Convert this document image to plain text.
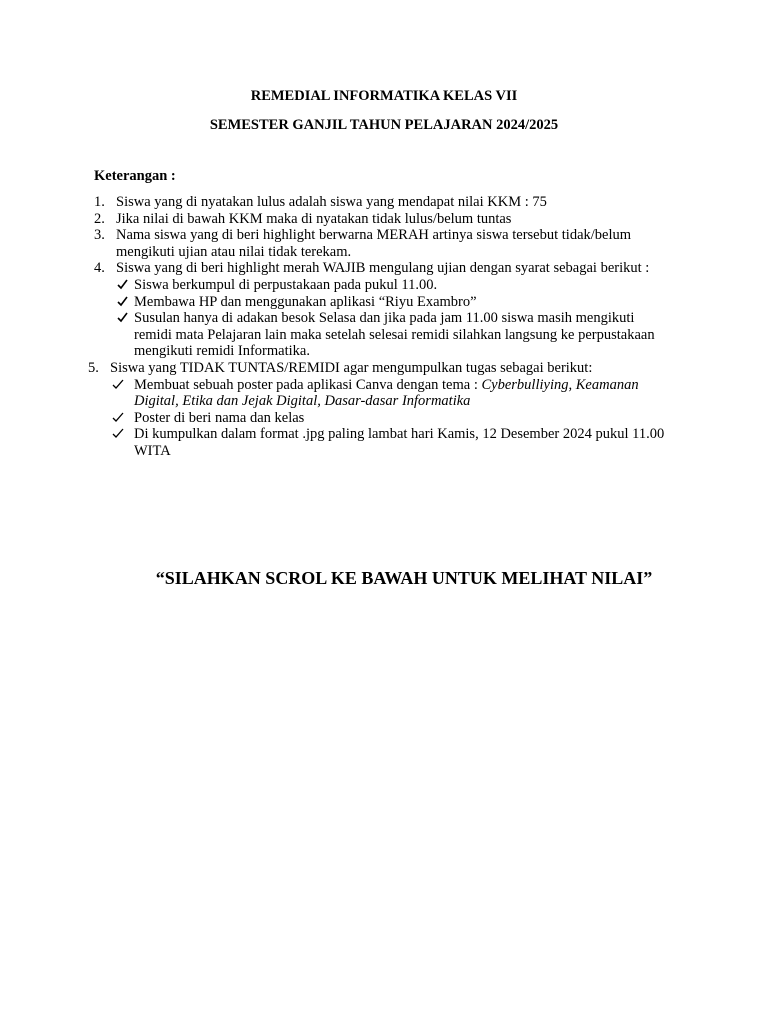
REMEDIAL INFORMATIKA KELAS VII
SEMESTER GANJIL TAHUN PELAJARAN 2024/2025

Keterangan :

1. Siswa yang di nyatakan lulus adalah siswa yang mendapat nilai KKM : 75
2. Jika nilai di bawah KKM maka di nyatakan tidak lulus/belum tuntas
3. Nama siswa yang di beri highlight berwarna MERAH artinya siswa tersebut tidak/belum mengikuti ujian atau nilai tidak terekam.
4. Siswa yang di beri highlight merah WAJIB mengulang ujian dengan syarat sebagai berikut :
Siswa berkumpul di perpustakaan pada pukul 11.00.
Membawa HP dan menggunakan aplikasi “Riyu Exambro”
Susulan hanya di adakan besok Selasa dan jika pada jam 11.00 siswa masih mengikuti remidi mata Pelajaran lain maka setelah selesai remidi silahkan langsung ke perpustakaan mengikuti remidi Informatika.
5. Siswa yang TIDAK TUNTAS/REMIDI agar mengumpulkan tugas sebagai berikut:
Membuat sebuah poster pada aplikasi Canva dengan tema : Cyberbulliying, Keamanan Digital, Etika dan Jejak Digital, Dasar-dasar Informatika
Poster di beri nama dan kelas
Di kumpulkan dalam format .jpg paling lambat hari Kamis, 12 Desember 2024 pukul 11.00 WITA

“SILAHKAN SCROL KE BAWAH UNTUK MELIHAT NILAI”
